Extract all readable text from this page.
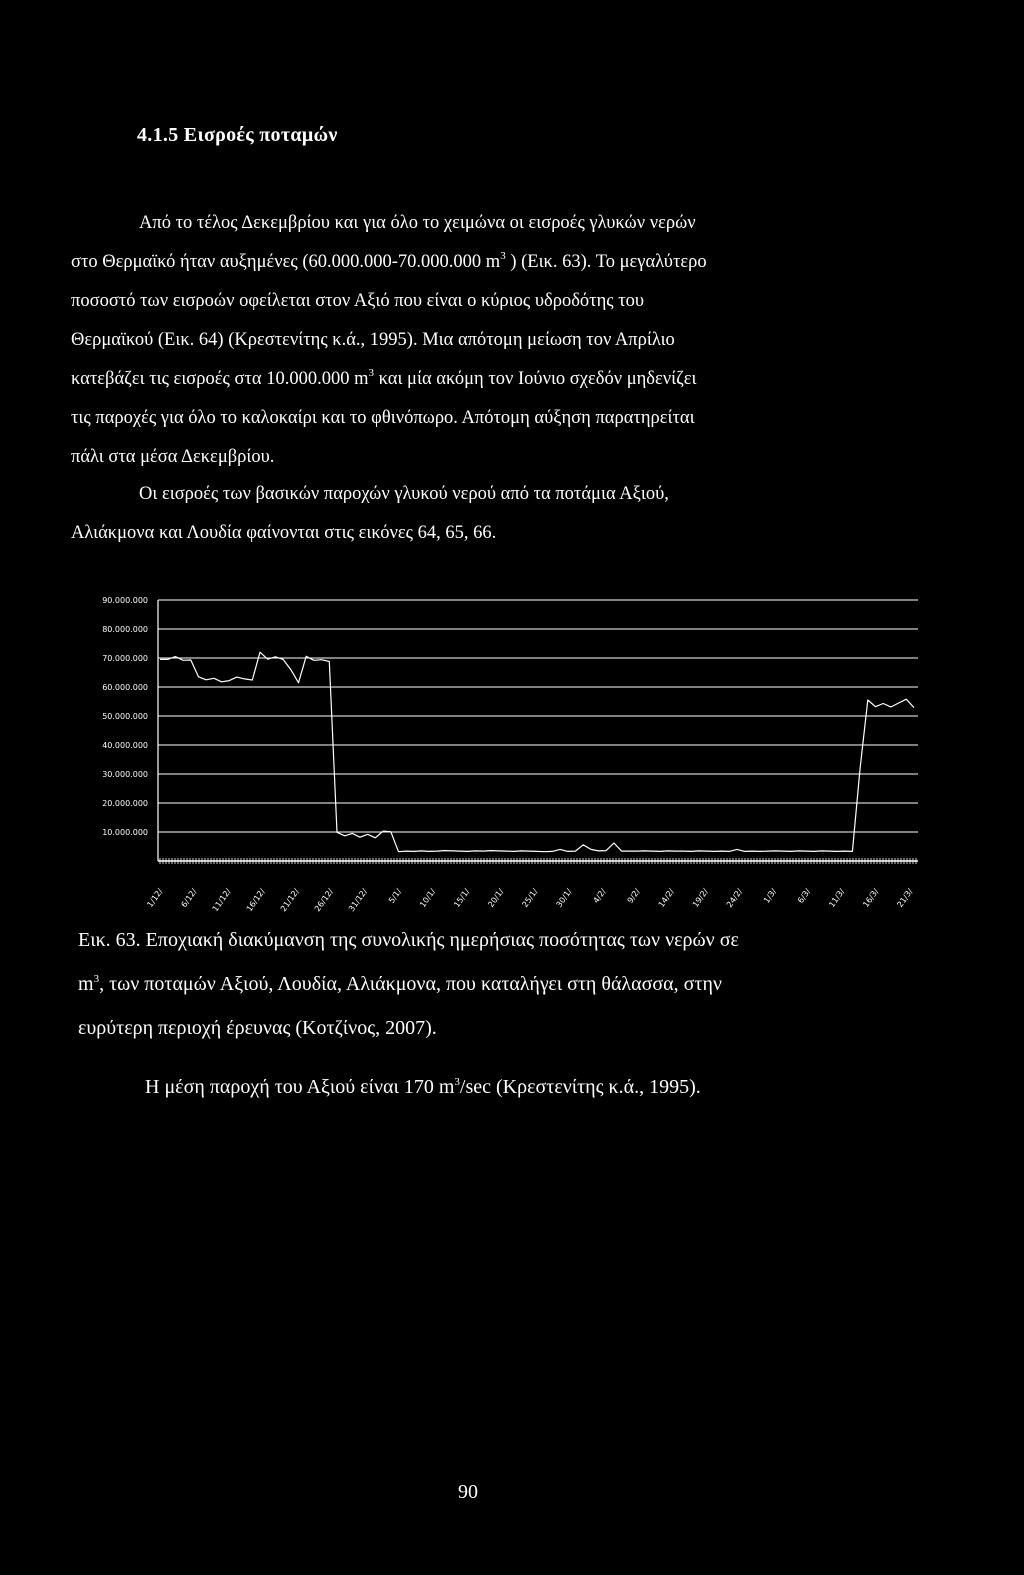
4.1.5 Εισροές ποταμών
Από το τέλος Δεκεμβρίου και για όλο το χειμώνα οι εισροές γλυκών νερών
στο Θερμαϊκό ήταν αυξημένες (60.000.000-70.000.000 $m^3$ ) (Εικ. 63). Το μεγαλύτερο
ποσοστό των εισροών οφείλεται στον Αξιό που είναι ο κύριος υδροδότης του
Θερμαϊκού (Εικ. 64) (Κρεστενίτης κ.ά., 1995). Μια απότομη μείωση τον Απρίλιο
κατεβάζει τις εισροές στα 10.000.000 $m^3$ και μία ακόμη τον Ιούνιο σχεδόν μηδενίζει
τις παροχές για όλο το καλοκαίρι και το φθινόπωρο. Απότομη αύξηση παρατηρείται
πάλι στα μέσα Δεκεμβρίου.
Οι εισροές των βασικών παροχών γλυκού νερού από τα ποτάμια Αξιού,
Αλιάκμονα και Λουδία φαίνονται στις εικόνες 64, 65, 66.
90.000.000
80.000.000
70.000.000
60.000.000
50.000.000
40.000.000
30.000.000
20.000.000
10.000.000
1/12/ 6/12/ 11/12/ 16/12/ 21/12/ 26/12/ 31/12/ 5/1/ 10/1/ 15/1/ 20/1/ 25/1/ 30/1/ 4/2/ 9/2/ 14/2/ 19/2/ 24/2/ 1/3/ 6/3/ 11/3/ 16/3/ 21/3/
Εικ. 63. Εποχιακή διακύμανση της συνολικής ημερήσιας ποσότητας των νερών σε
$m^3$, των ποταμών Αξιού, Λουδία, Αλιάκμονα, που καταλήγει στη θάλασσα, στην
ευρύτερη περιοχή έρευνας (Κοτζίνος, 2007).
Η μέση παροχή του Αξιού είναι 170 $m^3/\sec$ (Κρεστενίτης κ.ά., 1995).
90
